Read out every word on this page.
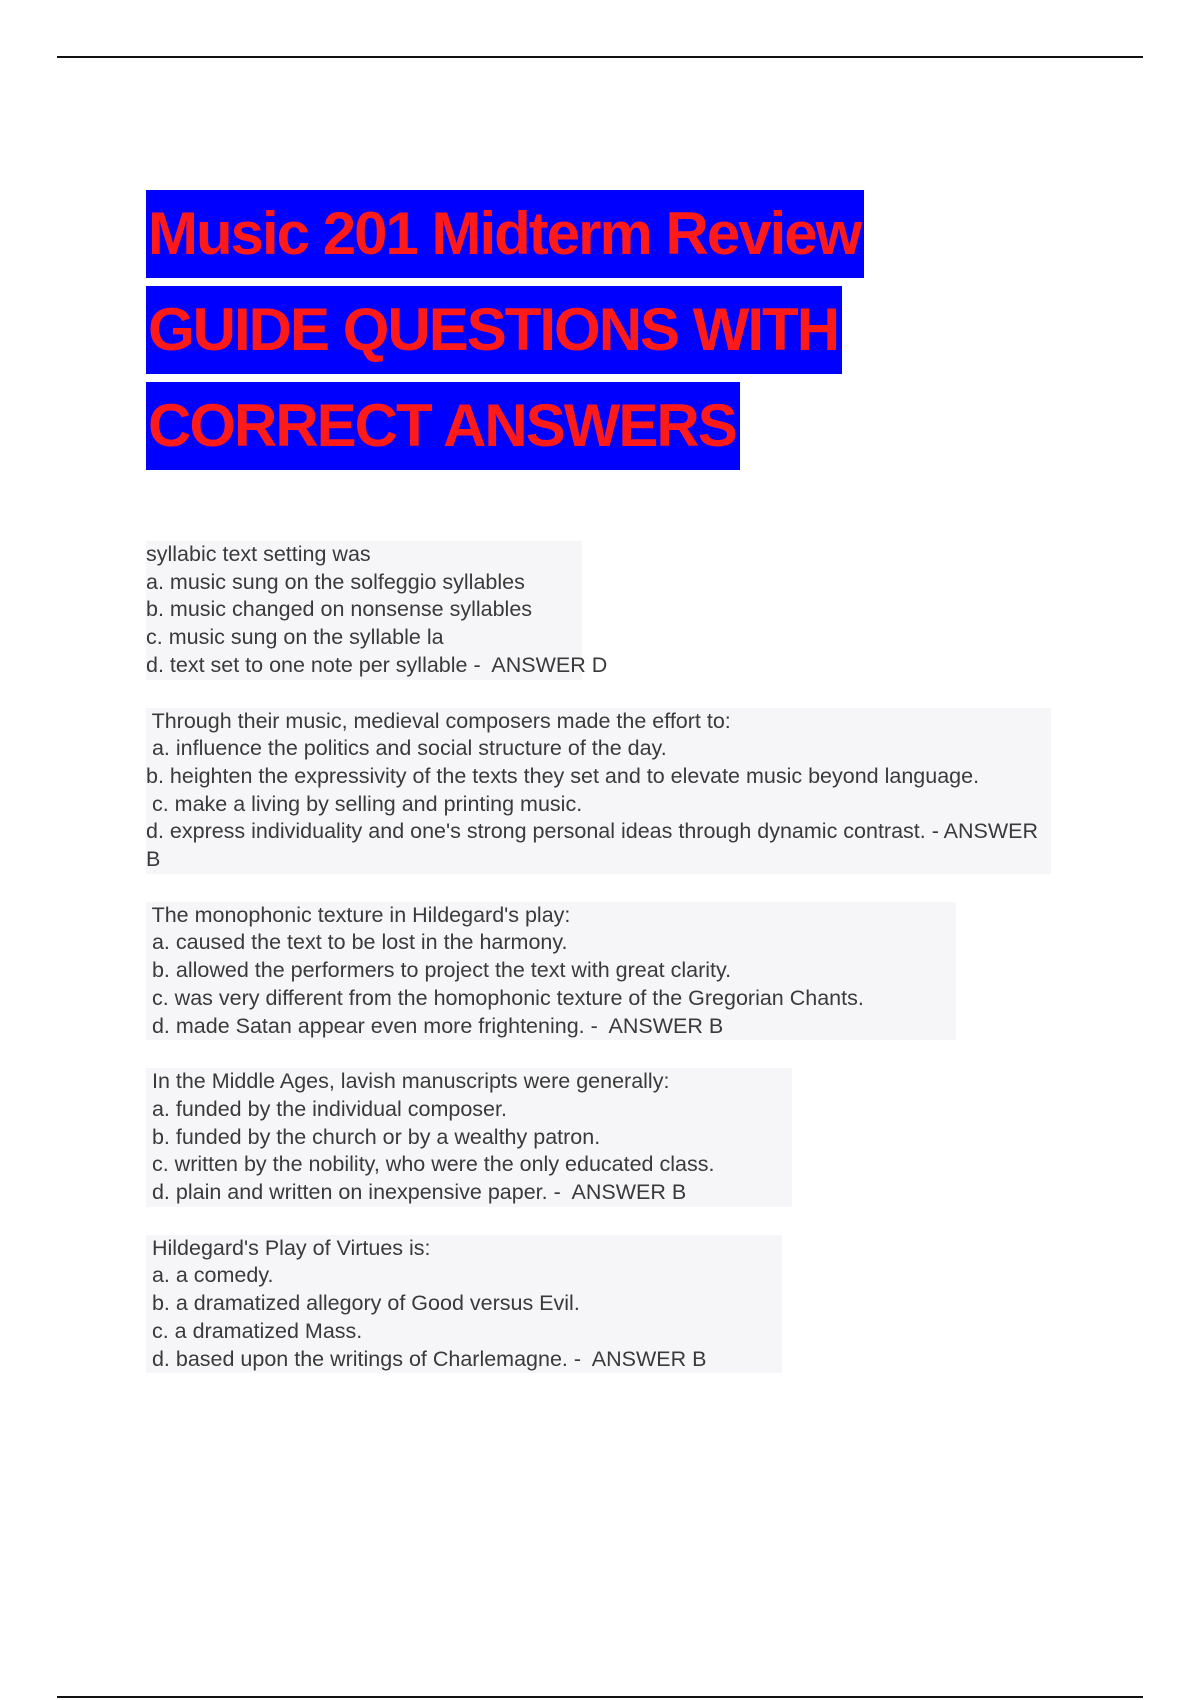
Music 201 Midterm Review
GUIDE QUESTIONS WITH
CORRECT ANSWERS
syllabic text setting was
a. music sung on the solfeggio syllables
b. music changed on nonsense syllables
c. music sung on the syllable la
d. text set to one note per syllable -  ANSWER D
Through their music, medieval composers made the effort to:
a. influence the politics and social structure of the day.
b. heighten the expressivity of the texts they set and to elevate music beyond language.
c. make a living by selling and printing music.
d. express individuality and one's strong personal ideas through dynamic contrast. - ANSWER B
The monophonic texture in Hildegard's play:
a. caused the text to be lost in the harmony.
b. allowed the performers to project the text with great clarity.
c. was very different from the homophonic texture of the Gregorian Chants.
d. made Satan appear even more frightening. -  ANSWER B
In the Middle Ages, lavish manuscripts were generally:
a. funded by the individual composer.
b. funded by the church or by a wealthy patron.
c. written by the nobility, who were the only educated class.
d. plain and written on inexpensive paper. -  ANSWER B
Hildegard's Play of Virtues is:
a. a comedy.
b. a dramatized allegory of Good versus Evil.
c. a dramatized Mass.
d. based upon the writings of Charlemagne. -  ANSWER B
